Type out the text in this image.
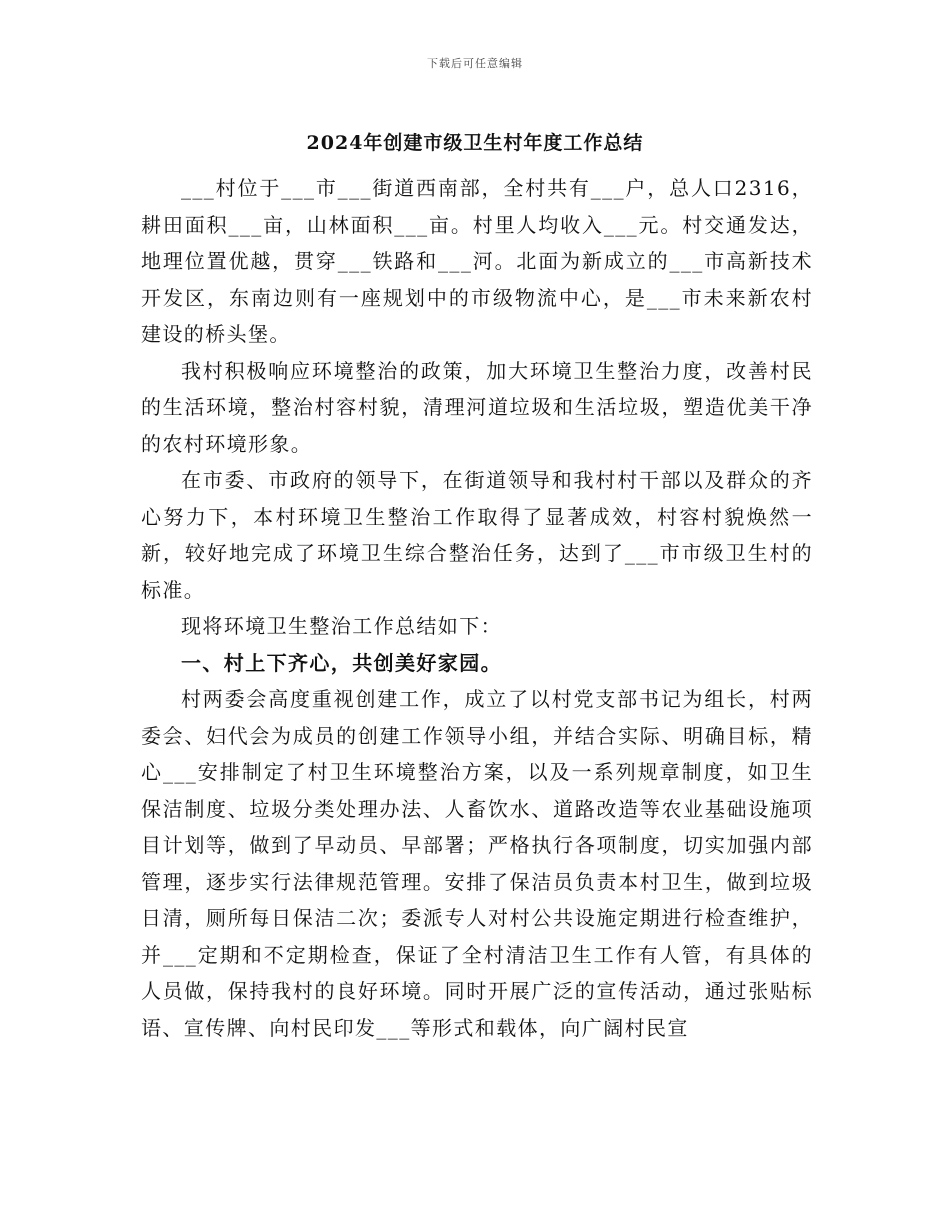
下载后可任意编辑
2024年创建市级卫生村年度工作总结

___村位于___市___街道西南部，全村共有___户，总人口2316，耕田面积___亩，山林面积___亩。村里人均收入___元。村交通发达，地理位置优越，贯穿___铁路和___河。北面为新成立的___市高新技术开发区，东南边则有一座规划中的市级物流中心，是___市未来新农村建设的桥头堡。

我村积极响应环境整治的政策，加大环境卫生整治力度，改善村民的生活环境，整治村容村貌，清理河道垃圾和生活垃圾，塑造优美干净的农村环境形象。

在市委、市政府的领导下，在街道领导和我村村干部以及群众的齐心努力下，本村环境卫生整治工作取得了显著成效，村容村貌焕然一新，较好地完成了环境卫生综合整治任务，达到了___市市级卫生村的标准。

现将环境卫生整治工作总结如下：

一、村上下齐心，共创美好家园。

村两委会高度重视创建工作，成立了以村党支部书记为组长，村两委会、妇代会为成员的创建工作领导小组，并结合实际、明确目标，精心___安排制定了村卫生环境整治方案，以及一系列规章制度，如卫生保洁制度、垃圾分类处理办法、人畜饮水、道路改造等农业基础设施项目计划等，做到了早动员、早部署；严格执行各项制度，切实加强内部管理，逐步实行法律规范管理。安排了保洁员负责本村卫生，做到垃圾日清，厕所每日保洁二次；委派专人对村公共设施定期进行检查维护，并___定期和不定期检查，保证了全村清洁卫生工作有人管，有具体的人员做，保持我村的良好环境。同时开展广泛的宣传活动，通过张贴标语、宣传牌、向村民印发___等形式和载体，向广阔村民宣
